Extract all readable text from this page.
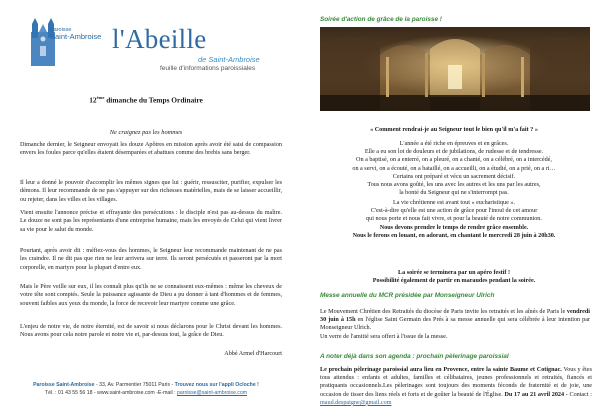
Paroisse
Saint-Ambroise l'Abeille
de Saint-Ambroise
feuille d'informations paroissiales
12ème dimanche du Temps Ordinaire
Ne craignez pas les hommes

Dimanche dernier, le Seigneur envoyait les douze Apôtres en mission après avoir été saisi de compassion envers les foules parce qu'elles étaient désemparées et abattues comme des brebis sans berger.

Il leur a donné le pouvoir d'accomplir les mêmes signes que lui : guérir, ressusciter, purifier, expulser les démons. Il leur recommande de ne pas s'appuyer sur des richesses matérielles, mais de se laisser accueillir, ou rejeter, dans les villes et les villages.

Vient ensuite l'annonce précise et effrayante des persécutions : le disciple n'est pas au-dessus du maître. Le douze ne sont pas les représentants d'une entreprise humaine, mais les envoyés de Celui qui vient livrer sa vie pour le salut du monde.

Pourtant, après avoir dit : méfiez-vous des hommes, le Seigneur leur recommande maintenant de ne pas les craindre. Il ne dit pas que rien ne leur arrivera sur terre. Ils seront persécutés et passeront par la mort corporelle, en martyrs pour la plupart d'entre eux.

Mais le Père veille sur eux, il les connaît plus qu'ils ne se connaissent eux-mêmes : même les cheveux de votre tête sont comptés. Seule la puissance agissante de Dieu a pu donner à tant d'hommes et de femmes, souvent faibles aux yeux du monde, la force de recevoir leur martyre comme une grâce.

L'enjeu de notre vie, de notre éternité, est de savoir si nous déclarons pour le Christ devant les hommes. Nous avons pour cela notre parole et notre vie et, par-dessus tout, la grâce de Dieu.

Abbé Armel d'Harcourt
Paroisse Saint-Ambroise - 33, Av. Parmentier 75011 Paris - Trouvez nous sur l'appli Ocloche !
Tél. : 01 43 55 56 18 - www.saint-ambroise.com -E-mail : paroisse@saint-ambroise.com
Soirée d'action de grâce de la paroisse !
« Comment rendrai-je au Seigneur tout le bien qu'il m'a fait ? »
L'année a été riche en épreuves et en grâces.
Elle a eu son lot de douleurs et de jubilations, de rudesse et de tendresse.
On a baptisé, on a enterré, on a pleuré, on a chanté, on a célébré, on a intercédé,
on a servi, on a écouté, on a bataillé, on a accueilli, on a étudié, on a prié, on a ri…
Certains ont préparé et vécu un sacrement décisif.
Tous nous avons goûté, les uns avec les autres et les uns par les autres,
la bonté du Seigneur qui ne s'interrompt pas.
La vie chrétienne est avant tout « eucharistique ».
C'est-à-dire qu'elle est une action de grâce pour l'inouï de cet amour
qui nous porte et nous fait vivre, et pour la beauté de notre communion.
Nous devons prendre le temps de rendre grâce ensemble.
Nous le ferons en louant, en adorant, en chantant le mercredi 28 juin à 20h30.
La soirée se terminera par un apéro festif !
Possibilité également de partir en maraudes pendant la soirée.
Messe annuelle du MCR présidée par Monseigneur Ulrich
Le Mouvement Chrétien des Retraités du diocèse de Paris invite les retraités et les aînés de Paris le vendredi 30 juin à 15h en l'église Saint Germain des Prés à sa messe annuelle qui sera célébrée à leur intention par Monseigneur Ulrich.
Un verre de l'amitié sera offert à l'issue de la messe.
A noter déjà dans son agenda : prochain pèlerinage paroissial
Le prochain pèlerinage paroissial aura lieu en Provence, entre la sainte Baume et Cotignac. Vous y êtes tous attendus : enfants et adultes, familles et célibataires, jeunes professionnels et retraités, fiancés et pratiquants occasionnels.Les pèlerinages sont toujours des moments féconds de fraternité et de joie, une occasion de tisser des liens réels et forts et de goûter la beauté de l'Église. Du 17 au 21 avril 2024 - Contact : maud.despaigne@gmail.com
